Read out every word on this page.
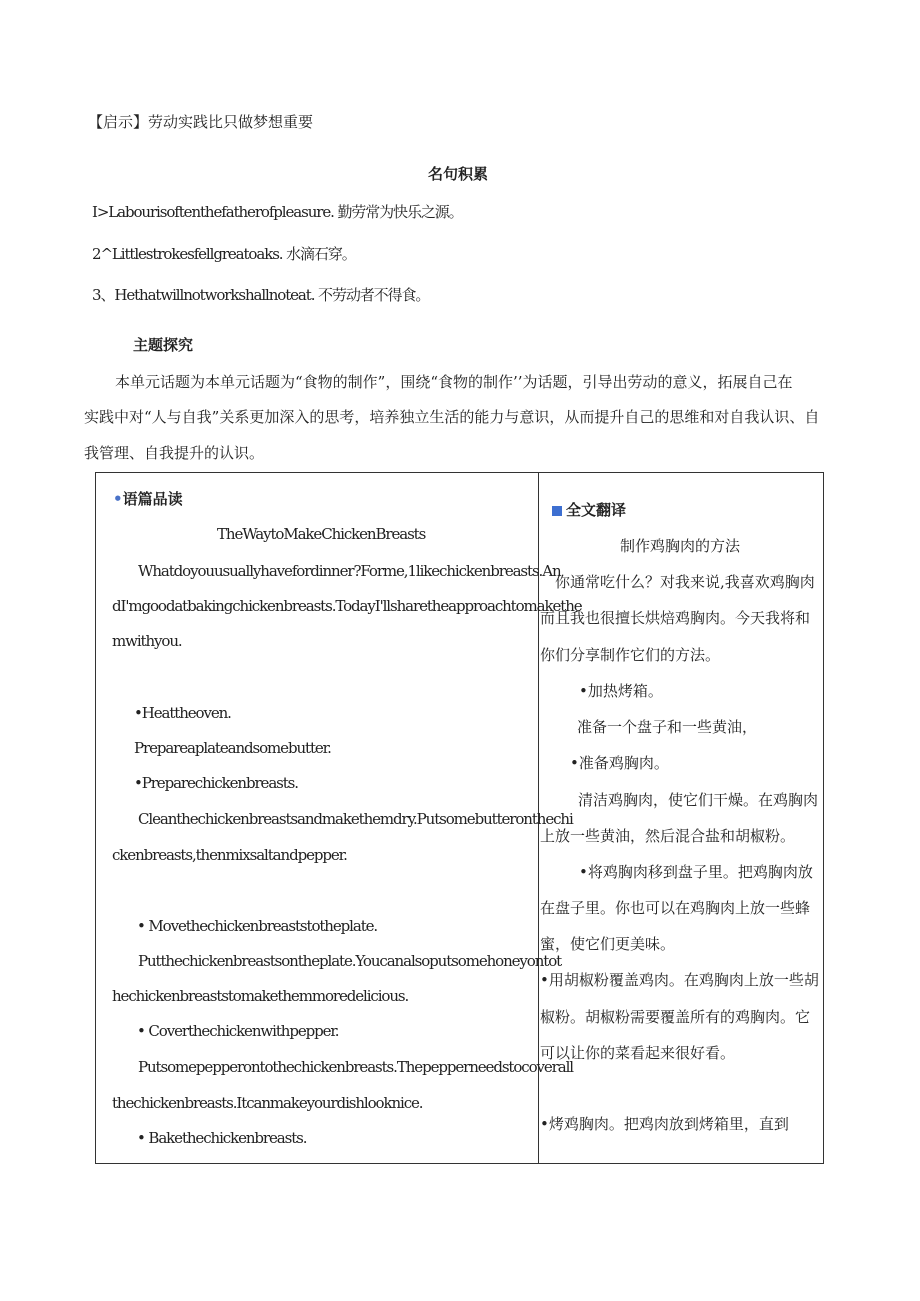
【启示】劳动实践比只做梦想重要
名句积累
I>Labourisoftenthefatherofpleasure. 勤劳常为快乐之源。
2^Littlestrokesfellgreatoaks. 水滴石穿。
3、Hethatwillnotworkshallnoteat. 不劳动者不得食。
主题探究
本单元话题为本单元话题为“食物的制作”，围绕“食物的制作’’为话题，引导出劳动的意义，拓展自己在
实践中对“人与自我”关系更加深入的思考，培养独立生活的能力与意识，从而提升自己的思维和对自我认识、自
我管理、自我提升的认识。
•语篇品读
TheWaytoMakeChickenBreasts
Whatdoyouusuallyhavefordinner?Forme,1likechickenbreasts.An
dI'mgoodatbakingchickenbreasts.TodayI'llsharetheapproachtomakethe
mwithyou.
•Heattheoven.
Prepareaplateandsomebutter.
•Preparechickenbreasts.
Cleanthechickenbreastsandmakethemdry.Putsomebutteronthechi
ckenbreasts,thenmixsaltandpepper.
• Movethechickenbreaststotheplate.
Putthechickenbreastsontheplate.Youcanalsoputsomehoneyontot
hechickenbreaststomakethemmoredelicious.
• Coverthechickenwithpepper.
Putsomepepperontothechickenbreasts.Thepepperneedstocoverall
thechickenbreasts.Itcanmakeyourdishlooknice.
• Bakethechickenbreasts.
全文翻译
制作鸡胸肉的方法
你通常吃什么？对我来说,我喜欢鸡胸肉
而且我也很擅长烘焙鸡胸肉。今天我将和
你们分享制作它们的方法。
•加热烤箱。
准备一个盘子和一些黄油，
•准备鸡胸肉。
清洁鸡胸肉，使它们干燥。在鸡胸肉
上放一些黄油，然后混合盐和胡椒粉。
•将鸡胸肉移到盘子里。把鸡胸肉放
在盘子里。你也可以在鸡胸肉上放一些蜂
蜜，使它们更美味。
•用胡椒粉覆盖鸡肉。在鸡胸肉上放一些胡
椒粉。胡椒粉需要覆盖所有的鸡胸肉。它
可以让你的菜看起来很好看。
•烤鸡胸肉。把鸡肉放到烤箱里，直到
